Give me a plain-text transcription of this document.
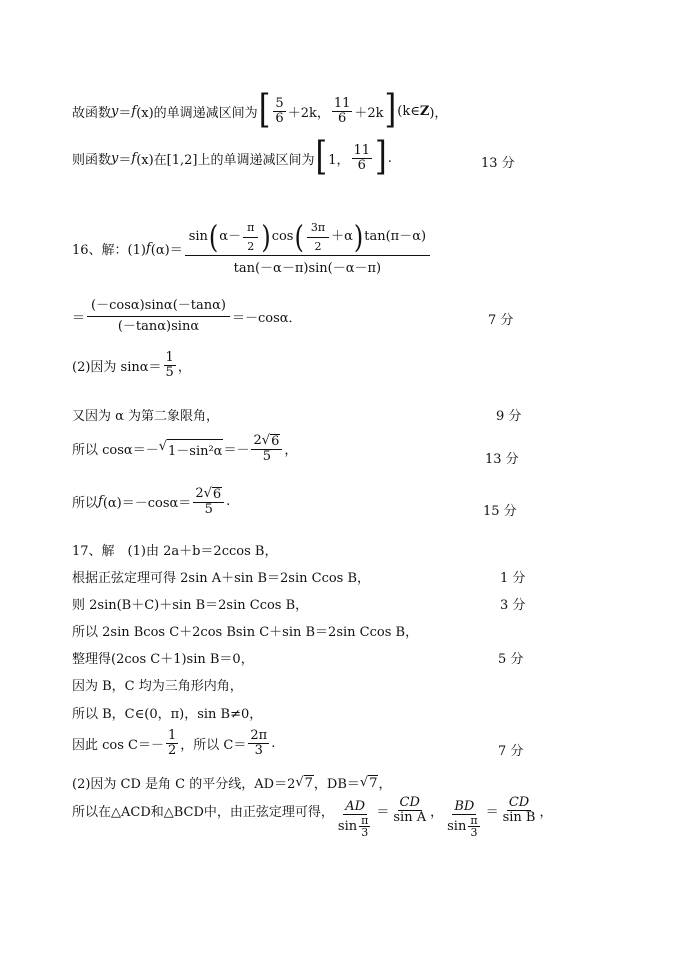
故函数 y ＝ f (x)的单调递减区间为 [ $\frac{5}{6} +2k$， $\frac{11}{6} +2k$ ] (k∈ Z )，
则函数 y ＝ f (x)在[1,2]上的单调递减区间为 [ 1， $\frac{11}{6}$ ] .	13 分
16、解：(1) f (α)＝
sin ( $\alpha- \frac{\pi}{2}$ ) cos ( $\frac{3\pi}{2} +\alpha$ ) tan(π－α)
tan(－α－π)sin(－α－π)
＝ $\frac{(-\cos\alpha)\sin\alpha(-\tan\alpha)}{(-\tan\alpha)\sin\alpha} =-\cos\alpha$．	7 分
(2)因为 $\sin\alpha= \frac{1}{5}$ ，
又因为 α 为第二象限角，	9 分
所以 cosα＝－ √ $1-\sin^2\alpha =- \frac{2 √ 6}{5}$ ，
13 分
所以 f $(\alpha)=-\cos\alpha= \frac{2 √ 6}{5}$ .
15 分
17、解　(1)由 2a＋b＝2ccos B，
根据正弦定理可得 2sin A＋sin B＝2sin Ccos B，	1 分
则 2sin(B＋C)＋sin B＝2sin Ccos B，	3 分
所以 2sin Bcos C＋2cos Bsin C＋sin B＝2sin Ccos B，
整理得(2cos C＋1)sin B＝0，	5 分
因为 B，C 均为三角形内角，
所以 B，C∈(0，π)，sin B≠0，
因此 $\cos C=- \frac{1}{2}$ ，所以 $C= \frac{2\pi}{3}$ .
7 分
(2)因为 CD 是角 C 的平分线，AD＝2 √ 7 ，DB＝ √ 7 ，
所以在△ACD和△BCD中，由正弦定理可得， $\frac{AD}{\sin \frac{\pi}{3}} = \frac{CD}{\text{sin A}}$ ， $\frac{BD}{\sin \frac{\pi}{3}} = \frac{CD}{\text{sin B}}$ ，
